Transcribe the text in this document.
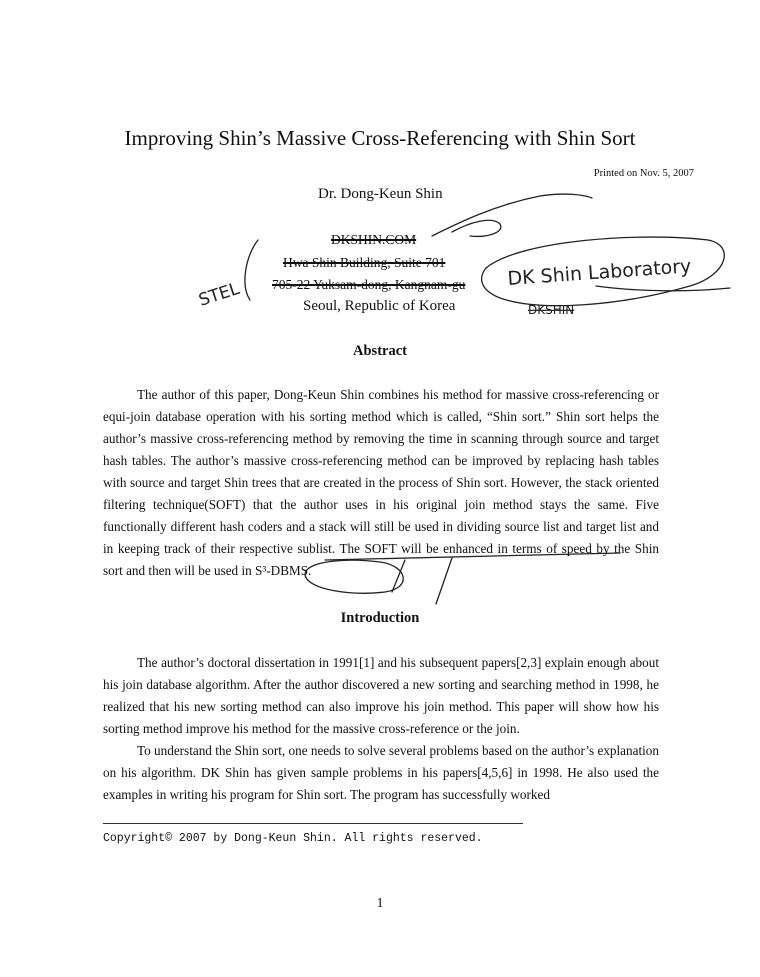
Improving Shin’s Massive Cross-Referencing with Shin Sort
Printed on Nov. 5, 2007
Dr. Dong-Keun Shin
DKSHIN.COM
Hwa Shin Building, Suite 701
705-22 Yuksam-dong, Kangnam-gu
Seoul, Republic of Korea
DK Shin Laboratory
DKSHIN
STEL
Abstract
The author of this paper, Dong-Keun Shin combines his method for massive cross-referencing or equi-join database operation with his sorting method which is called, “Shin sort.” Shin sort helps the author’s massive cross-referencing method by removing the time in scanning through source and target hash tables. The author’s massive cross-referencing method can be improved by replacing hash tables with source and target Shin trees that are created in the process of Shin sort. However, the stack oriented filtering technique(SOFT) that the author uses in his original join method stays the same. Five functionally different hash coders and a stack will still be used in dividing source list and target list and in keeping track of their respective sublist. The SOFT will be enhanced in terms of speed by the Shin sort and then will be used in S³-DBMS.
Introduction
The author’s doctoral dissertation in 1991[1] and his subsequent papers[2,3] explain enough about his join database algorithm. After the author discovered a new sorting and searching method in 1998, he realized that his new sorting method can also improve his join method. This paper will show how his sorting method improve his method for the massive cross-reference or the join.
To understand the Shin sort, one needs to solve several problems based on the author’s explanation on his algorithm. DK Shin has given sample problems in his papers[4,5,6] in 1998. He also used the examples in writing his program for Shin sort. The program has successfully worked
Copyright© 2007 by Dong-Keun Shin. All rights reserved.
1
